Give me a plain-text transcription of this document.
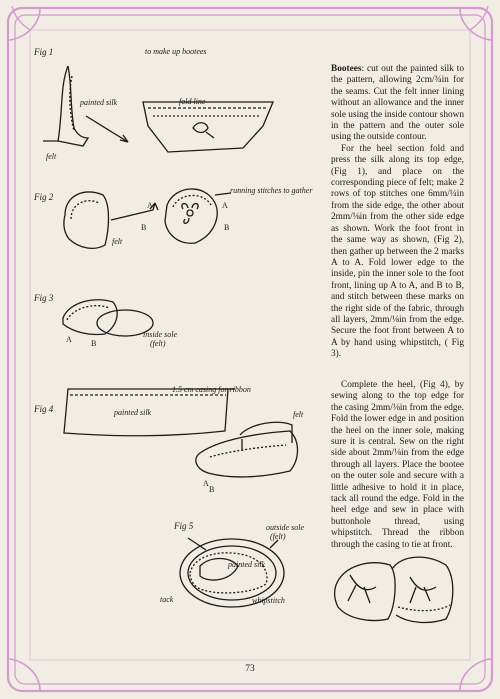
Fig 1	to make up bootees
painted silk	fold line
felt
Fig 2
running stitches to gather
felt
A	A
B	B
Fig 3
inside sole
(felt)
A B
Fig 4
1.5 cm casing for ribbon
painted silk	felt
A
B
Fig 5	outside sole
(felt)
painted silk
tack	whipstitch

Bootees: cut out the painted silk to the pattern, allowing 2cm/¾in for the seams. Cut the felt inner lining without an allowance and the inner sole using the inside contour shown in the pattern and the outer sole using the outside contour.

For the heel section fold and press the silk along its top edge, (Fig 1), and place on the corresponding piece of felt; make 2 rows of top stitches one 6mm/¼in from the side edge, the other about 2mm/⅛in from the other side edge as shown. Work the foot front in the same way as shown, (Fig 2), then gather up between the 2 marks A to A. Fold lower edge to the inside, pin the inner sole to the foot front, lining up A to A, and B to B, and stitch between these marks on the right side of the fabric, through all layers, 2mm/⅛in from the edge. Secure the foot front between A to A by hand using whipstitch, ( Fig 3).

Complete the heel, (Fig 4), by sewing along to the top edge for the casing 2mm/⅛in from the edge. Fold the lower edge in and position the heel on the inner sole, making sure it is central. Sew on the right side about 2mm/⅛in from the edge through all layers. Place the bootee on the outer sole and secure with a little adhesive to hold it in place, tack all round the edge. Fold in the heel edge and sew in place with buttonhole thread, using whipstitch. Thread the ribbon through the casing to tie at front.

73
